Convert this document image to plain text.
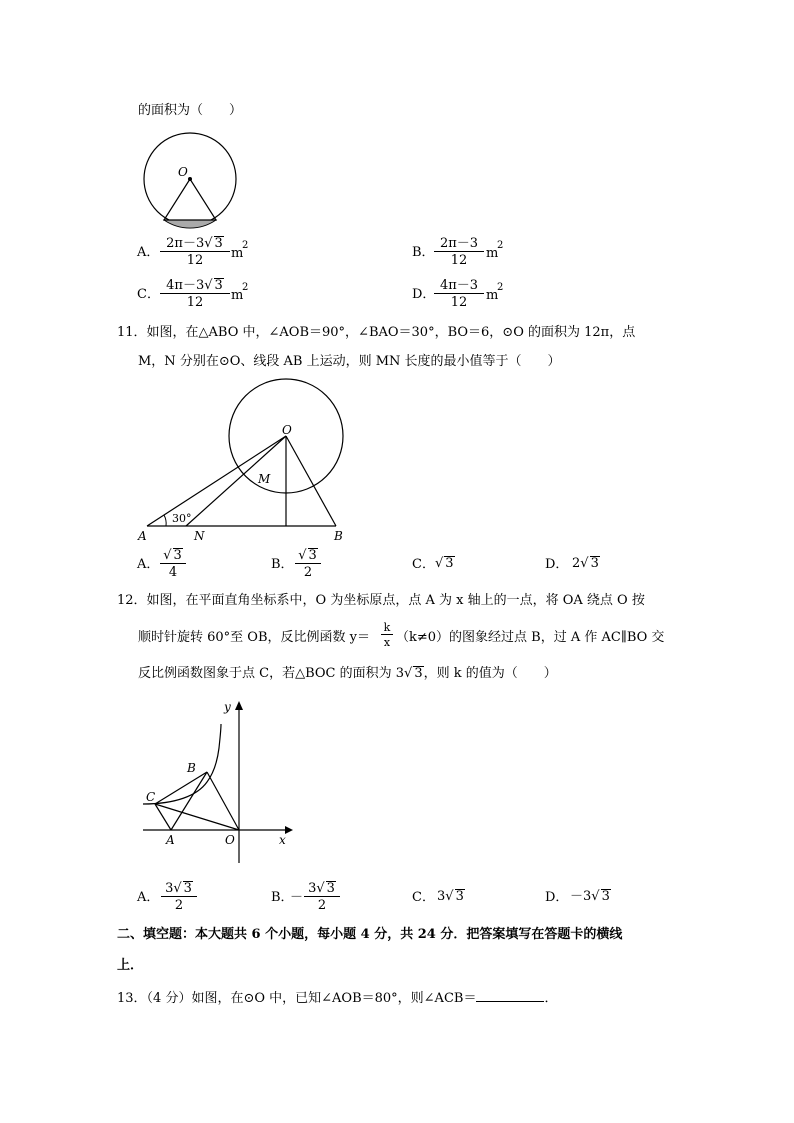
的面积为（　　）
O
A． $\frac{2\pi-3√ 3}{12}$ m
2	B． $\frac{2\pi-3}{12}$ m
2
C． $\frac{4\pi-3√ 3}{12}$ m
2	D．
$\frac{4\pi-3}{12}$ m
2
11．如图，在△ABO 中，∠AOB＝90°，∠BAO＝30°，BO＝6，⊙O 的面积为 12π，点
M，N 分别在⊙O、线段 AB 上运动，则 MN 长度的最小值等于（　　）
O
M
A	N	B
30°
A． $\frac{√ 3}{4}$	B． $\frac{√ 3}{2}$	C． √ 3	D． 2√ 3
12．如图，在平面直角坐标系中，O 为坐标原点，点 A 为 x 轴上的一点，将 OA 绕点 O 按
顺时针旋转 60°至 OB，反比例函数 $y= \frac{k}{x} (k\ne 0)$的图象经过点 B，过 A 作 AC∥BO 交
反比例函数图象于点 C，若△BOC 的面积为 3√ 3，则 k 的值为（　　）
y
x
B
C
A	O
A． $\frac{3√ 3}{2}$	B．
－ $\frac{3√ 3}{2}$	C． 3√ 3	D． －3√ 3
二、填空题：本大题共 6 个小题，每小题 4 分，共 24 分．把答案填写在答题卡的横线
上．
13．（4 分）如图，在⊙O 中，已知∠AOB＝80°，则∠ACB＝	．
